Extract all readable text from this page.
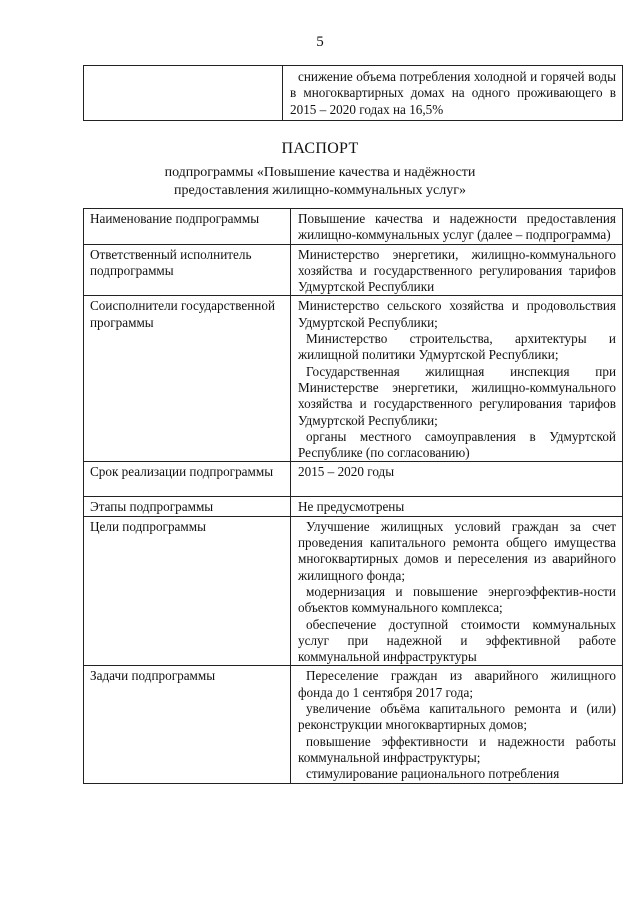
5
	снижение объема потребления холодной и горячей воды в многоквартирных домах на одного проживающего в 2015 – 2020 годах на 16,5%
ПАСПОРТ
подпрограммы «Повышение качества и надёжности
предоставления жилищно-коммунальных услуг»
Наименование подпрограммы	Повышение качества и надежности предоставления жилищно-коммунальных услуг (далее – подпрограмма)

Ответственный исполнитель подпрограммы	Министерство энергетики, жилищно-коммунального хозяйства и государственного регулирования тарифов Удмуртской Республики

Соисполнители государственной программы	Министерство сельского хозяйства и продовольствия Удмуртской Республики;
Министерство строительства, архитектуры и жилищной политики Удмуртской Республики;
Государственная жилищная инспекция при Министерстве энергетики, жилищно-коммунального хозяйства и государственного регулирования тарифов Удмуртской Республики;
органы местного самоуправления в Удмуртской Республике (по согласованию)

Срок реализации подпрограммы	2015 – 2020 годы

Этапы подпрограммы	Не предусмотрены

Цели подпрограммы	Улучшение жилищных условий граждан за счет проведения капитального ремонта общего имущества многоквартирных домов и переселения из аварийного жилищного фонда;
модернизация и повышение энергоэффектив-ности объектов коммунального комплекса;
обеспечение доступной стоимости коммунальных услуг при надежной и эффективной работе коммунальной инфраструктуры

Задачи подпрограммы	Переселение граждан из аварийного жилищного фонда до 1 сентября 2017 года;
увеличение объёма капитального ремонта и (или) реконструкции многоквартирных домов;
повышение эффективности и надежности работы коммунальной инфраструктуры;
стимулирование рационального потребления
